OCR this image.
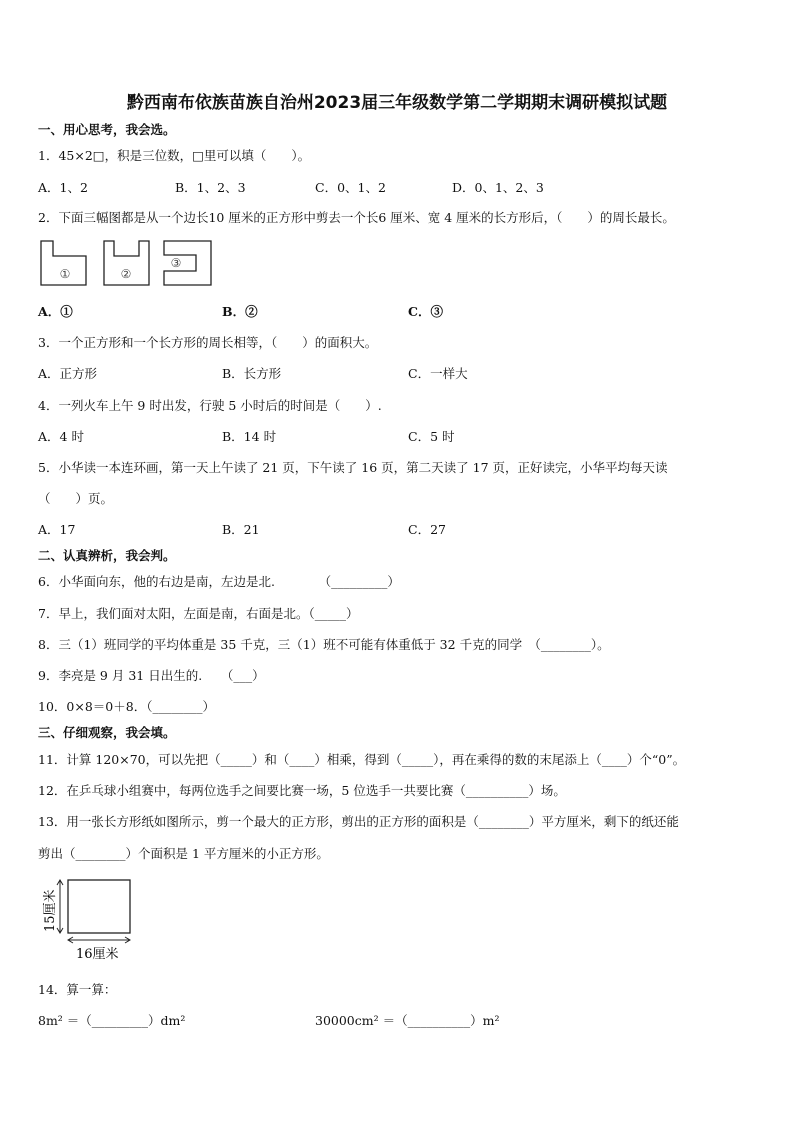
黔西南布依族苗族自治州2023届三年级数学第二学期期末调研模拟试题
一、用心思考，我会选。
1．45×2□，积是三位数，□里可以填（　　）。
A．1、2	B．1、2、3	C．0、1、2	D．0、1、2、3
2．下面三幅图都是从一个边长10 厘米的正方形中剪去一个长6 厘米、宽 4 厘米的长方形后，（　　）的周长最长。
①	②
③
A．①	B．②	C．③
3．一个正方形和一个长方形的周长相等，（　　）的面积大。
A．正方形	B．长方形	C．一样大
4．一列火车上午 9 时出发，行驶 5 小时后的时间是（　　）.
A．4 时	B．14 时	C．5 时
5．小华读一本连环画，第一天上午读了 21 页，下午读了 16 页，第二天读了 17 页，正好读完，小华平均每天读
（　　）页。
A．17	B．21	C．27
二、认真辨析，我会判。
6．小华面向东，他的右边是南，左边是北.　　　　（_________）
7．早上，我们面对太阳，左面是南，右面是北。（_____）
8．三（1）班同学的平均体重是 35 千克，三（1）班不可能有体重低于 32 千克的同学　（________）。
9．李亮是 9 月 31 日出生的.　　（___）
10．0×8＝0＋8．（________）
三、仔细观察，我会填。
11．计算 120×70，可以先把（_____）和（____）相乘，得到（_____），再在乘得的数的末尾添上（____）个“0”。
12．在乒乓球小组赛中，每两位选手之间要比赛一场，5 位选手一共要比赛（__________）场。
13．用一张长方形纸如图所示，剪一个最大的正方形，剪出的正方形的面积是（________）平方厘米，剩下的纸还能
剪出（________）个面积是 1 平方厘米的小正方形。
15厘米
16厘米
14．算一算：
8m² ＝（_________）dm²	30000cm² ＝（__________）m²
